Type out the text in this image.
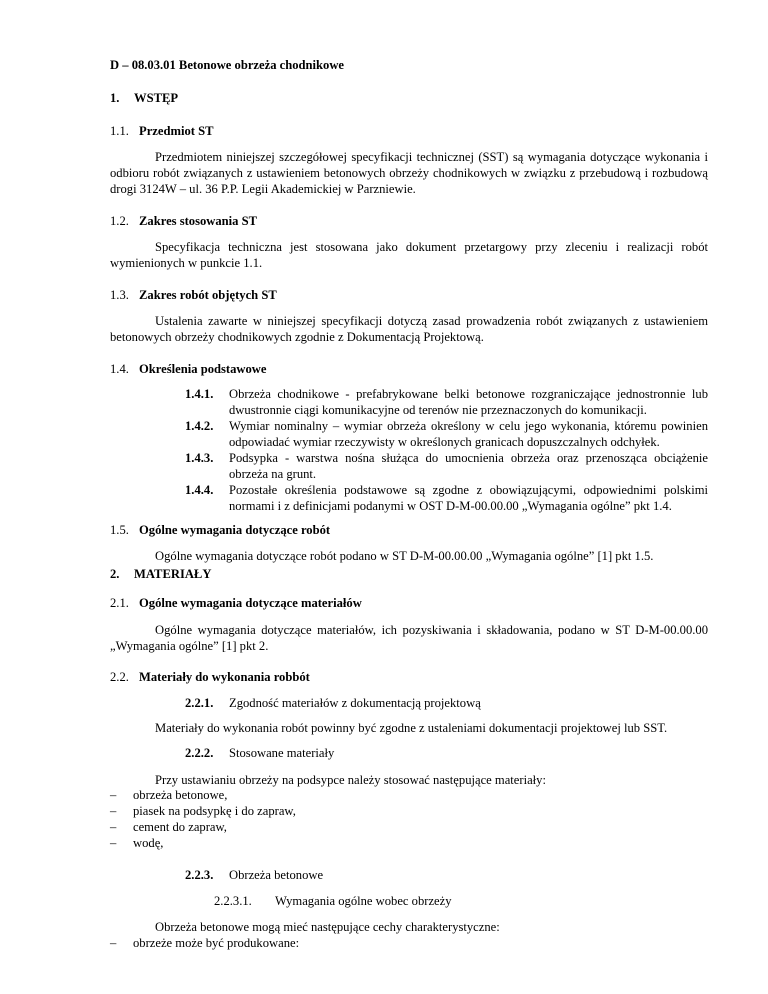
D – 08.03.01 Betonowe obrzeża chodnikowe
1. WSTĘP
1.1. Przedmiot ST
Przedmiotem niniejszej szczegółowej specyfikacji technicznej (SST) są wymagania dotyczące wykonania i
odbioru robót związanych z ustawieniem betonowych obrzeży chodnikowych w związku z przebudową i rozbudową
drogi 3124W – ul. 36 P.P. Legii Akademickiej w Parzniewie.
1.2. Zakres stosowania ST
Specyfikacja techniczna jest stosowana jako dokument przetargowy przy zleceniu i realizacji robót
wymienionych w punkcie 1.1.
1.3. Zakres robót objętych ST
Ustalenia zawarte w niniejszej specyfikacji dotyczą zasad prowadzenia robót związanych z ustawieniem
betonowych obrzeży chodnikowych zgodnie z Dokumentacją Projektową.
1.4. Określenia podstawowe
1.4.1. Obrzeża chodnikowe - prefabrykowane belki betonowe rozgraniczające jednostronnie lub
dwustronnie ciągi komunikacyjne od terenów nie przeznaczonych do komunikacji.
1.4.2. Wymiar nominalny – wymiar obrzeża określony w celu jego wykonania, któremu powinien
odpowiadać wymiar rzeczywisty w określonych granicach dopuszczalnych odchyłek.
1.4.3. Podsypka - warstwa nośna służąca do umocnienia obrzeża oraz przenosząca obciążenie
obrzeża na grunt.
1.4.4. Pozostałe określenia podstawowe są zgodne z obowiązującymi, odpowiednimi polskimi
normami i z definicjami podanymi w OST D-M-00.00.00 „Wymagania ogólne” pkt 1.4.
1.5. Ogólne wymagania dotyczące robót
Ogólne wymagania dotyczące robót podano w ST D-M-00.00.00 „Wymagania ogólne” [1] pkt 1.5.
2. MATERIAŁY
2.1. Ogólne wymagania dotyczące materiałów
Ogólne wymagania dotyczące materiałów, ich pozyskiwania i składowania, podano w ST D-M-00.00.00
„Wymagania ogólne” [1] pkt 2.
2.2. Materiały do wykonania robbót
2.2.1. Zgodność materiałów z dokumentacją projektową
Materiały do wykonania robót powinny być zgodne z ustaleniami dokumentacji projektowej lub SST.
2.2.2. Stosowane materiały
Przy ustawianiu obrzeży na podsypce należy stosować następujące materiały:
– obrzeża betonowe,
– piasek na podsypkę i do zapraw,
– cement do zapraw,
– wodę,
2.2.3. Obrzeża betonowe
2.2.3.1. Wymagania ogólne wobec obrzeży
Obrzeża betonowe mogą mieć następujące cechy charakterystyczne:
– obrzeże może być produkowane:
